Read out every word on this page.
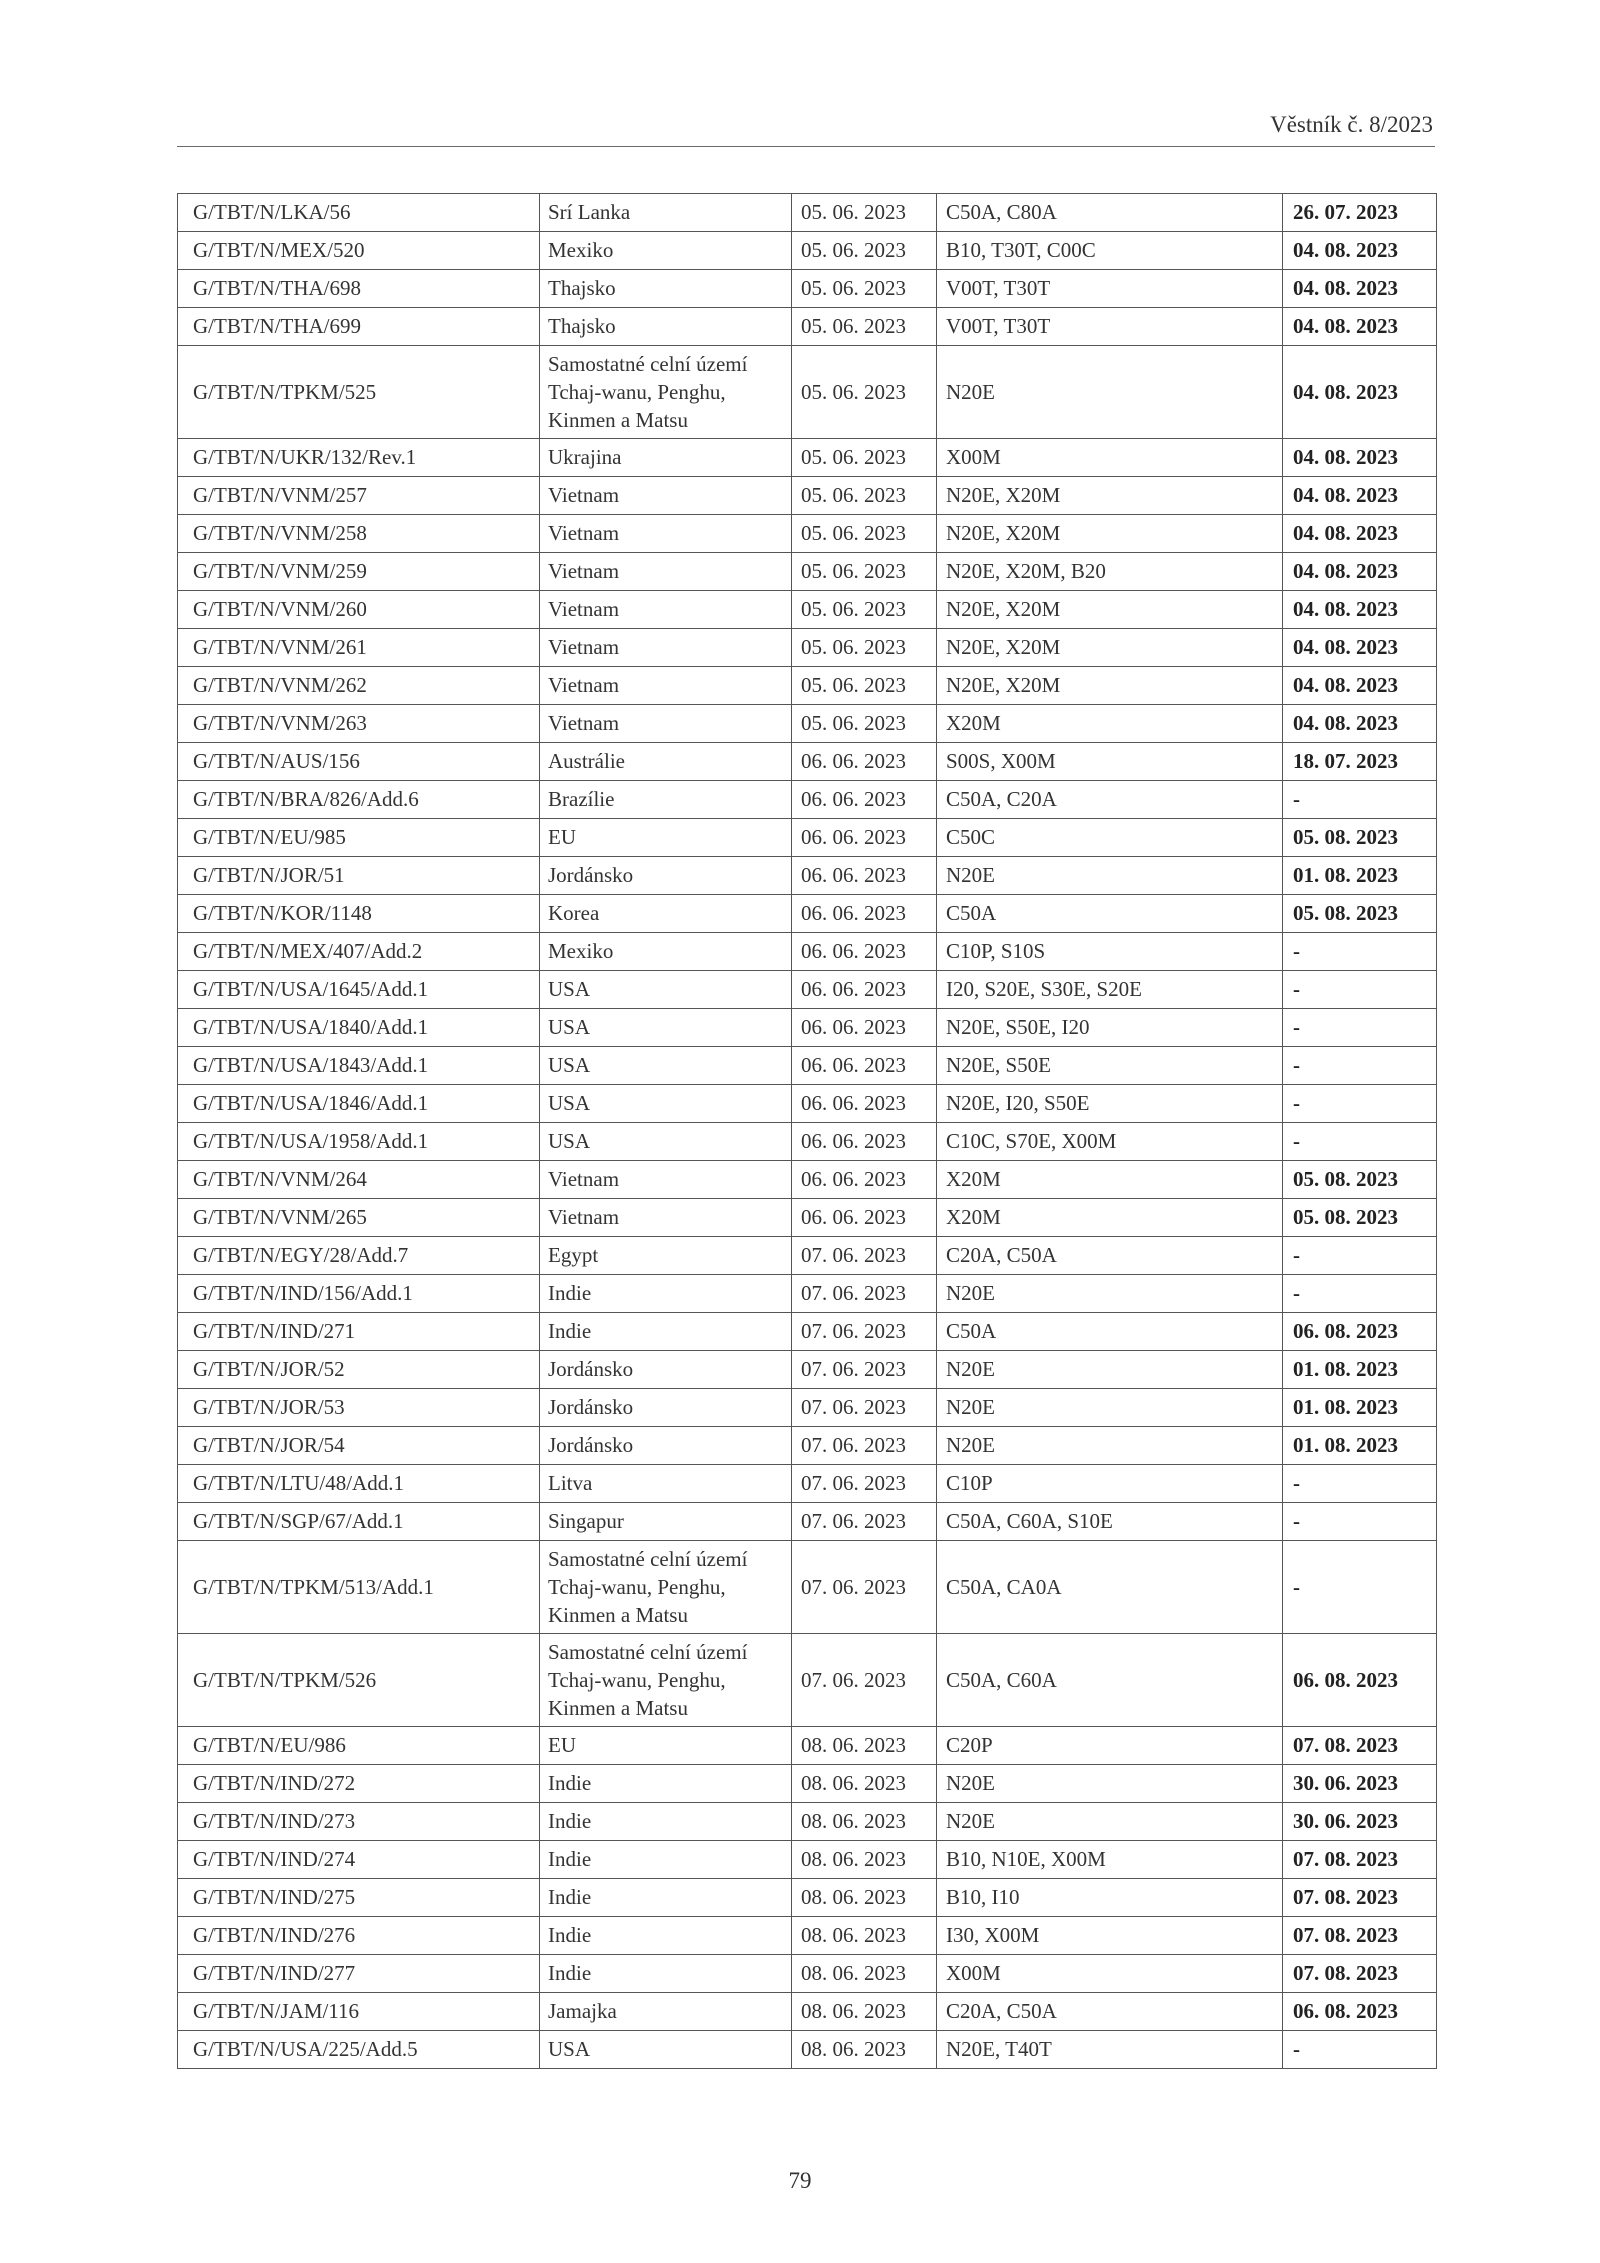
Věstník č. 8/2023
G/TBT/N/LKA/56	Srí Lanka	05. 06. 2023	C50A, C80A	26. 07. 2023
G/TBT/N/MEX/520	Mexiko	05. 06. 2023	B10, T30T, C00C	04. 08. 2023
G/TBT/N/THA/698	Thajsko	05. 06. 2023	V00T, T30T	04. 08. 2023
G/TBT/N/THA/699	Thajsko	05. 06. 2023	V00T, T30T	04. 08. 2023
G/TBT/N/TPKM/525	Samostatné celní území Tchaj-wanu, Penghu, Kinmen a Matsu	05. 06. 2023	N20E	04. 08. 2023
G/TBT/N/UKR/132/Rev.1	Ukrajina	05. 06. 2023	X00M	04. 08. 2023
G/TBT/N/VNM/257	Vietnam	05. 06. 2023	N20E, X20M	04. 08. 2023
G/TBT/N/VNM/258	Vietnam	05. 06. 2023	N20E, X20M	04. 08. 2023
G/TBT/N/VNM/259	Vietnam	05. 06. 2023	N20E, X20M, B20	04. 08. 2023
G/TBT/N/VNM/260	Vietnam	05. 06. 2023	N20E, X20M	04. 08. 2023
G/TBT/N/VNM/261	Vietnam	05. 06. 2023	N20E, X20M	04. 08. 2023
G/TBT/N/VNM/262	Vietnam	05. 06. 2023	N20E, X20M	04. 08. 2023
G/TBT/N/VNM/263	Vietnam	05. 06. 2023	X20M	04. 08. 2023
G/TBT/N/AUS/156	Austrálie	06. 06. 2023	S00S, X00M	18. 07. 2023
G/TBT/N/BRA/826/Add.6	Brazílie	06. 06. 2023	C50A, C20A	-
G/TBT/N/EU/985	EU	06. 06. 2023	C50C	05. 08. 2023
G/TBT/N/JOR/51	Jordánsko	06. 06. 2023	N20E	01. 08. 2023
G/TBT/N/KOR/1148	Korea	06. 06. 2023	C50A	05. 08. 2023
G/TBT/N/MEX/407/Add.2	Mexiko	06. 06. 2023	C10P, S10S	-
G/TBT/N/USA/1645/Add.1	USA	06. 06. 2023	I20, S20E, S30E, S20E	-
G/TBT/N/USA/1840/Add.1	USA	06. 06. 2023	N20E, S50E, I20	-
G/TBT/N/USA/1843/Add.1	USA	06. 06. 2023	N20E, S50E	-
G/TBT/N/USA/1846/Add.1	USA	06. 06. 2023	N20E, I20, S50E	-
G/TBT/N/USA/1958/Add.1	USA	06. 06. 2023	C10C, S70E, X00M	-
G/TBT/N/VNM/264	Vietnam	06. 06. 2023	X20M	05. 08. 2023
G/TBT/N/VNM/265	Vietnam	06. 06. 2023	X20M	05. 08. 2023
G/TBT/N/EGY/28/Add.7	Egypt	07. 06. 2023	C20A, C50A	-
G/TBT/N/IND/156/Add.1	Indie	07. 06. 2023	N20E	-
G/TBT/N/IND/271	Indie	07. 06. 2023	C50A	06. 08. 2023
G/TBT/N/JOR/52	Jordánsko	07. 06. 2023	N20E	01. 08. 2023
G/TBT/N/JOR/53	Jordánsko	07. 06. 2023	N20E	01. 08. 2023
G/TBT/N/JOR/54	Jordánsko	07. 06. 2023	N20E	01. 08. 2023
G/TBT/N/LTU/48/Add.1	Litva	07. 06. 2023	C10P	-
G/TBT/N/SGP/67/Add.1	Singapur	07. 06. 2023	C50A, C60A, S10E	-
G/TBT/N/TPKM/513/Add.1	Samostatné celní území Tchaj-wanu, Penghu, Kinmen a Matsu	07. 06. 2023	C50A, CA0A	-
G/TBT/N/TPKM/526	Samostatné celní území Tchaj-wanu, Penghu, Kinmen a Matsu	07. 06. 2023	C50A, C60A	06. 08. 2023
G/TBT/N/EU/986	EU	08. 06. 2023	C20P	07. 08. 2023
G/TBT/N/IND/272	Indie	08. 06. 2023	N20E	30. 06. 2023
G/TBT/N/IND/273	Indie	08. 06. 2023	N20E	30. 06. 2023
G/TBT/N/IND/274	Indie	08. 06. 2023	B10, N10E, X00M	07. 08. 2023
G/TBT/N/IND/275	Indie	08. 06. 2023	B10, I10	07. 08. 2023
G/TBT/N/IND/276	Indie	08. 06. 2023	I30, X00M	07. 08. 2023
G/TBT/N/IND/277	Indie	08. 06. 2023	X00M	07. 08. 2023
G/TBT/N/JAM/116	Jamajka	08. 06. 2023	C20A, C50A	06. 08. 2023
G/TBT/N/USA/225/Add.5	USA	08. 06. 2023	N20E, T40T	-
79
